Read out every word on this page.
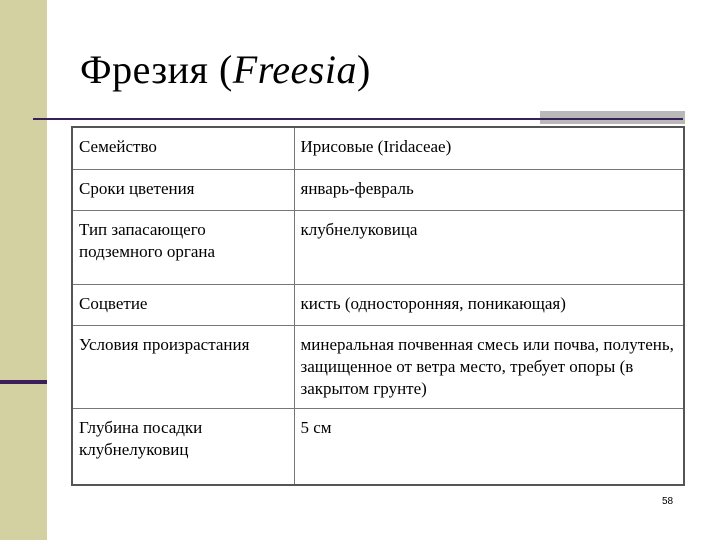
Фрезия (Freesia)
Семейство	Ирисовые (Iridaceae)
Сроки цветения	январь-февраль
Тип запасающего подземного органа	клубнелуковица
Соцветие	кисть (односторонняя, поникающая)
Условия произрастания	минеральная почвенная смесь или почва, полутень, защищенное от ветра место, требует опоры (в закрытом грунте)
Глубина посадки клубнелуковиц	5 см
58
